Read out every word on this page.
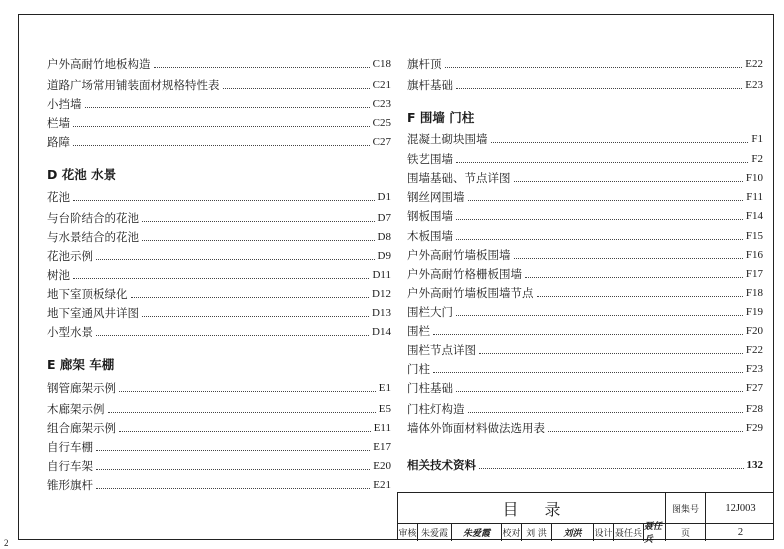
户外高耐竹地板构造	C18
道路广场常用铺装面材规格特性表	C21
小挡墙	C23
栏墙	C25
路障	C27
D 花池 水景
花池	D1
与台阶结合的花池	D7
与水景结合的花池	D8
花池示例	D9
树池	D11
地下室顶板绿化	D12
地下室通风井详图	D13
小型水景	D14
E 廊架 车棚
钢管廊架示例	E1
木廊架示例	E5
组合廊架示例	E11
自行车棚	E17
自行车架	E20
锥形旗杆	E21
旗杆顶	E22
旗杆基础	E23
F 围墙 门柱
混凝土砌块围墙	F1
铁艺围墙	F2
围墙基础、节点详图	F10
钢丝网围墙	F11
钢板围墙	F14
木板围墙	F15
户外高耐竹墙板围墙	F16
户外高耐竹格栅板围墙	F17
户外高耐竹墙板围墙节点	F18
围栏大门	F19
围栏	F20
围栏节点详图	F22
门柱	F23
门柱基础	F27
门柱灯构造	F28
墙体外饰面材料做法选用表	F29
相关技术资料	132
目录	图集号	12J003
审核 朱爱霞	朱爱霞	校对 刘 洪	刘洪	设计 聂任兵
聂任兵
页	2
2
